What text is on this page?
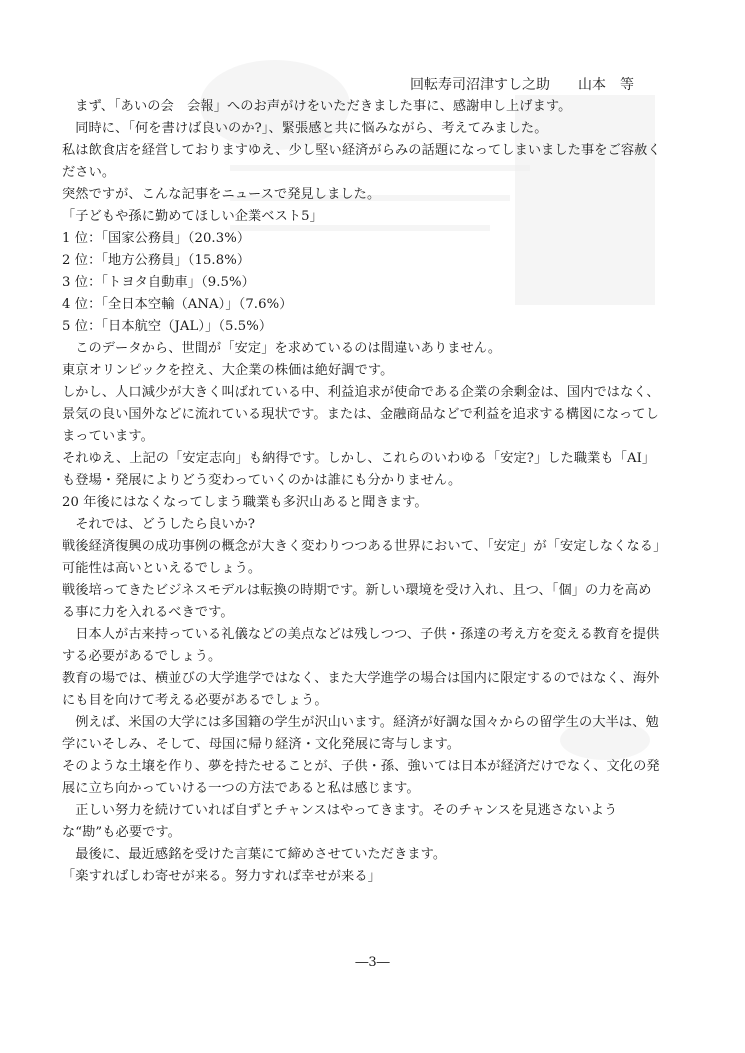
回転寿司沼津すし之助　　山本　等

まず、「あいの会　会報」へのお声がけをいただきました事に、感謝申し上げます。

同時に、「何を書けば良いのか?」、緊張感と共に悩みながら、考えてみました。

私は飲食店を経営しておりますゆえ、少し堅い経済がらみの話題になってしまいました事をご容赦ください。

突然ですが、こんな記事をニュースで発見しました。

「子どもや孫に勤めてほしい企業ベスト5」

1 位：「国家公務員」（20.3%）

2 位：「地方公務員」（15.8%）

3 位：「トヨタ自動車」（9.5%）

4 位：「全日本空輸（ANA）」（7.6%）

5 位：「日本航空（JAL）」（5.5%）

このデータから、世間が「安定」を求めているのは間違いありません。

東京オリンピックを控え、大企業の株価は絶好調です。

しかし、人口減少が大きく叫ばれている中、利益追求が使命である企業の余剰金は、国内ではなく、景気の良い国外などに流れている現状です。または、金融商品などで利益を追求する構図になってしまっています。

それゆえ、上記の「安定志向」も納得です。しかし、これらのいわゆる「安定?」した職業も「AI」も登場・発展によりどう変わっていくのかは誰にも分かりません。

20 年後にはなくなってしまう職業も多沢山あると聞きます。

それでは、どうしたら良いか?

戦後経済復興の成功事例の概念が大きく変わりつつある世界において、「安定」が「安定しなくなる」可能性は高いといえるでしょう。

戦後培ってきたビジネスモデルは転換の時期です。新しい環境を受け入れ、且つ、「個」の力を高める事に力を入れるべきです。

日本人が古来持っている礼儀などの美点などは残しつつ、子供・孫達の考え方を変える教育を提供する必要があるでしょう。

教育の場では、横並びの大学進学ではなく、また大学進学の場合は国内に限定するのではなく、海外にも目を向けて考える必要があるでしょう。

例えば、米国の大学には多国籍の学生が沢山います。経済が好調な国々からの留学生の大半は、勉学にいそしみ、そして、母国に帰り経済・文化発展に寄与します。

そのような土壌を作り、夢を持たせることが、子供・孫、強いては日本が経済だけでなく、文化の発展に立ち向かっていける一つの方法であると私は感じます。

正しい努力を続けていれば自ずとチャンスはやってきます。そのチャンスを見逃さないような“勘”も必要です。

最後に、最近感銘を受けた言葉にて締めさせていただきます。

「楽すればしわ寄せが来る。努力すれば幸せが来る」

―3―
